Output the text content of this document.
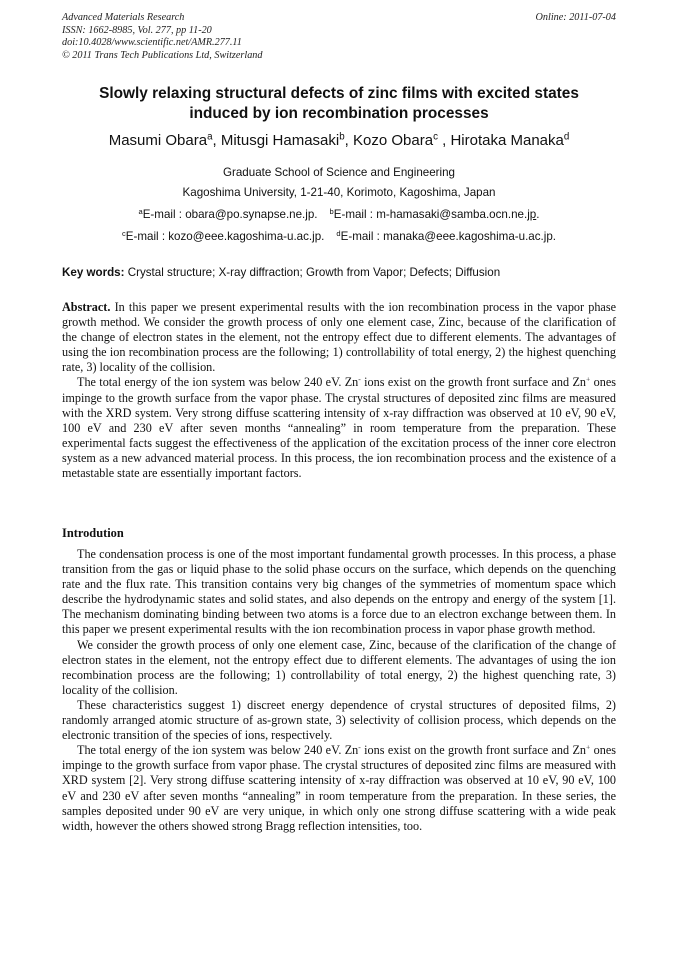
Advanced Materials Research
ISSN: 1662-8985, Vol. 277, pp 11-20
doi:10.4028/www.scientific.net/AMR.277.11
© 2011 Trans Tech Publications Ltd, Switzerland
Online: 2011-07-04
Slowly relaxing structural defects of zinc films with excited states
induced by ion recombination processes
Masumi Obara$^a$, Mitusgi Hamasaki$^b$, Kozo Obara$^c$ , Hirotaka Manaka$^d$
Graduate School of Science and Engineering
Kagoshima University, 1-21-40, Korimoto, Kagoshima, Japan
$^a$E-mail : obara@po.synapse.ne.jp. $^b$E-mail : m-hamasaki@samba.ocn.ne.jp.
$^c$E-mail : kozo@eee.kagoshima-u.ac.jp. $^d$E-mail : manaka@eee.kagoshima-u.ac.jp.
Key words: Crystal structure; X-ray diffraction; Growth from Vapor; Defects; Diffusion

Abstract. In this paper we present experimental results with the ion recombination process in the vapor phase growth method. We consider the growth process of only one element case, Zinc, because of the clarification of the change of electron states in the element, not the entropy effect due to different elements. The advantages of using the ion recombination process are the following; 1) controllability of total energy, 2) the highest quenching rate, 3) locality of the collision.

The total energy of the ion system was below 240 eV. Zn- ions exist on the growth front surface and Zn+ ones impinge to the growth surface from the vapor phase. The crystal structures of deposited zinc films are measured with the XRD system. Very strong diffuse scattering intensity of x-ray diffraction was observed at 10 eV, 90 eV, 100 eV and 230 eV after seven months “annealing” in room temperature from the preparation. These experimental facts suggest the effectiveness of the application of the excitation process of the inner core electron system as a new advanced material process. In this process, the ion recombination process and the existence of a metastable state are essentially important factors.

Introdution

The condensation process is one of the most important fundamental growth processes. In this process, a phase transition from the gas or liquid phase to the solid phase occurs on the surface, which depends on the quenching rate and the flux rate. This transition contains very big changes of the symmetries of momentum space which describe the hydrodynamic states and solid states, and also depends on the entropy and energy of the system [1]. The mechanism dominating binding between two atoms is a force due to an electron exchange between them. In this paper we present experimental results with the ion recombination process in vapor phase growth method.

We consider the growth process of only one element case, Zinc, because of the clarification of the change of electron states in the element, not the entropy effect due to different elements. The advantages of using the ion recombination process are the following; 1) controllability of total energy, 2) the highest quenching rate, 3) locality of the collision.

These characteristics suggest 1) discreet energy dependence of crystal structures of deposited films, 2) randomly arranged atomic structure of as-grown state, 3) selectivity of collision process, which depends on the electronic transition of the species of ions, respectively.

The total energy of the ion system was below 240 eV. Zn- ions exist on the growth front surface and Zn+ ones impinge to the growth surface from vapor phase. The crystal structures of deposited zinc films are measured with XRD system [2]. Very strong diffuse scattering intensity of x-ray diffraction was observed at 10 eV, 90 eV, 100 eV and 230 eV after seven months “annealing” in room temperature from the preparation. In these series, the samples deposited under 90 eV are very unique, in which only one strong diffuse scattering with a wide peak width, however the others showed strong Bragg reflection intensities, too.
